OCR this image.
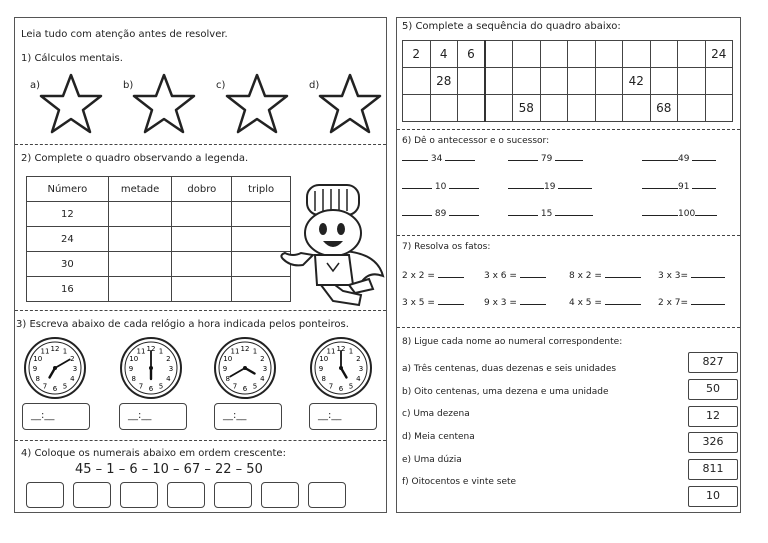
Leia tudo com atenção antes de resolver.
1) Cálculos mentais.
a)	b)	c)	d)
2) Complete o quadro observando a legenda.
Número	metade	dobro	triplo
12			
24			
30			
16			
3) Escreva abaixo de cada relógio a hora indicada pelos ponteiros.
12 1
2
3
4
5
6
7
8
9
10
11	12 1
2
3
4
5
6
7
8
9
10
11	12 1
2
3
4
5
6
7
8
9
10
11	12 1
2
3
4
5
6
7
8
9
10
11
__:__	__:__	__:__	__:__
4) Coloque os numerais abaixo em ordem crescente:
45 – 1 – 6 – 10 – 67 – 22 – 50
5) Complete a sequência do quadro abaixo:
2	4	6									24
	28							42			
				58					68		
6) Dê o antecessor e o sucessor:
34	79	49
10	19	91
89	15	100
7) Resolva os fatos:
2 x 2 =	3 x 6 =	8 x 2 =	3 x 3=
3 x 5 =	9 x 3 =	4 x 5 =	2 x 7=
8) Ligue cada nome ao numeral correspondente:
a) Três centenas, duas dezenas e seis unidades
b) Oito centenas, uma dezena e uma unidade
c) Uma dezena
d) Meia centena
e) Uma dúzia
f) Oitocentos e vinte sete
827
50
12
326
811
10
